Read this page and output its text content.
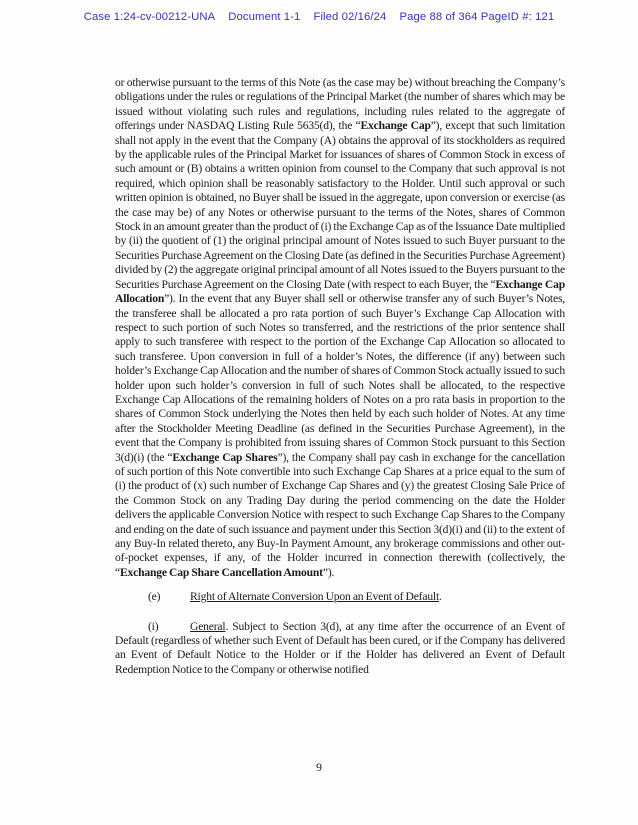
Case 1:24-cv-00212-UNA Document 1-1 Filed 02/16/24 Page 88 of 364 PageID #: 121

or otherwise pursuant to the terms of this Note (as the case may be) without breaching the Company’s obligations under the rules or regulations of the Principal Market (the number of shares which may be issued without violating such rules and regulations, including rules related to the aggregate of offerings under NASDAQ Listing Rule 5635(d), the “Exchange Cap”), except that such limitation shall not apply in the event that the Company (A) obtains the approval of its stockholders as required by the applicable rules of the Principal Market for issuances of shares of Common Stock in excess of such amount or (B) obtains a written opinion from counsel to the Company that such approval is not required, which opinion shall be reasonably satisfactory to the Holder. Until such approval or such written opinion is obtained, no Buyer shall be issued in the aggregate, upon conversion or exercise (as the case may be) of any Notes or otherwise pursuant to the terms of the Notes, shares of Common Stock in an amount greater than the product of (i) the Exchange Cap as of the Issuance Date multiplied by (ii) the quotient of (1) the original principal amount of Notes issued to such Buyer pursuant to the Securities Purchase Agreement on the Closing Date (as defined in the Securities Purchase Agreement) divided by (2) the aggregate original principal amount of all Notes issued to the Buyers pursuant to the Securities Purchase Agreement on the Closing Date (with respect to each Buyer, the “Exchange Cap Allocation”). In the event that any Buyer shall sell or otherwise transfer any of such Buyer’s Notes, the transferee shall be allocated a pro rata portion of such Buyer’s Exchange Cap Allocation with respect to such portion of such Notes so transferred, and the restrictions of the prior sentence shall apply to such transferee with respect to the portion of the Exchange Cap Allocation so allocated to such transferee. Upon conversion in full of a holder’s Notes, the difference (if any) between such holder’s Exchange Cap Allocation and the number of shares of Common Stock actually issued to such holder upon such holder’s conversion in full of such Notes shall be allocated, to the respective Exchange Cap Allocations of the remaining holders of Notes on a pro rata basis in proportion to the shares of Common Stock underlying the Notes then held by each such holder of Notes. At any time after the Stockholder Meeting Deadline (as defined in the Securities Purchase Agreement), in the event that the Company is prohibited from issuing shares of Common Stock pursuant to this Section 3(d)(i) (the “Exchange Cap Shares”), the Company shall pay cash in exchange for the cancellation of such portion of this Note convertible into such Exchange Cap Shares at a price equal to the sum of (i) the product of (x) such number of Exchange Cap Shares and (y) the greatest Closing Sale Price of the Common Stock on any Trading Day during the period commencing on the date the Holder delivers the applicable Conversion Notice with respect to such Exchange Cap Shares to the Company and ending on the date of such issuance and payment under this Section 3(d)(i) and (ii) to the extent of any Buy-In related thereto, any Buy-In Payment Amount, any brokerage commissions and other out-of-pocket expenses, if any, of the Holder incurred in connection therewith (collectively, the “Exchange Cap Share Cancellation Amount”).

(e)	Right of Alternate Conversion Upon an Event of Default.

(i)	General. Subject to Section 3(d), at any time after the occurrence of an Event of Default (regardless of whether such Event of Default has been cured, or if the Company has delivered an Event of Default Notice to the Holder or if the Holder has delivered an Event of Default Redemption Notice to the Company or otherwise notified

9
